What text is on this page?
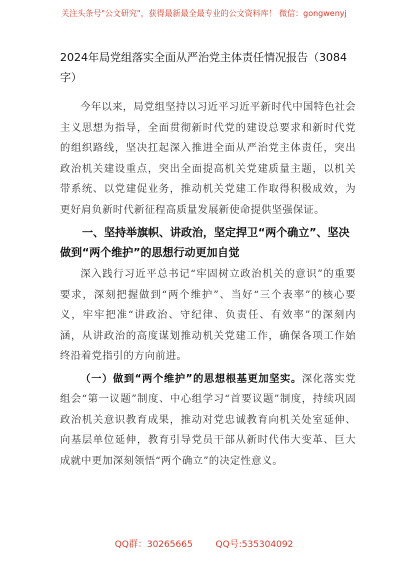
关注头条号"公文研究"，获得最新最全最专业的公文资料库！ 微信：gongwenyj

2024年局党组落实全面从严治党主体责任情况报告（3084字）

今年以来，局党组坚持以习近平习近平新时代中国特色社会主义思想为指导，全面贯彻新时代党的建设总要求和新时代党的组织路线，坚决扛起深入推进全面从严治党主体责任，突出政治机关建设重点，突出全面提高机关党建质量主题，以机关带系统、以党建促业务，推动机关党建工作取得积极成效，为更好肩负新时代新征程高质量发展新使命提供坚强保证。

一、坚持举旗帜、讲政治，坚定捍卫“两个确立”、坚决做到“两个维护”的思想行动更加自觉

深入践行习近平总书记“牢固树立政治机关的意识”的重要要求，深刻把握做到“两个维护”、当好“三个表率”的核心要义，牢牢把准“讲政治、守纪律、负责任、有效率”的深刻内涵，从讲政治的高度谋划推动机关党建工作，确保各项工作始终沿着党指引的方向前进。

（一）做到“两个维护”的思想根基更加坚实。深化落实党组会“第一议题”制度、中心组学习“首要议题”制度，持续巩固政治机关意识教育成果，推动对党忠诚教育向机关处室延伸、向基层单位延伸，教育引导党员干部从新时代伟大变革、巨大成就中更加深刻领悟“两个确立”的决定性意义。

QQ群：30265665	QQ号:535304092
